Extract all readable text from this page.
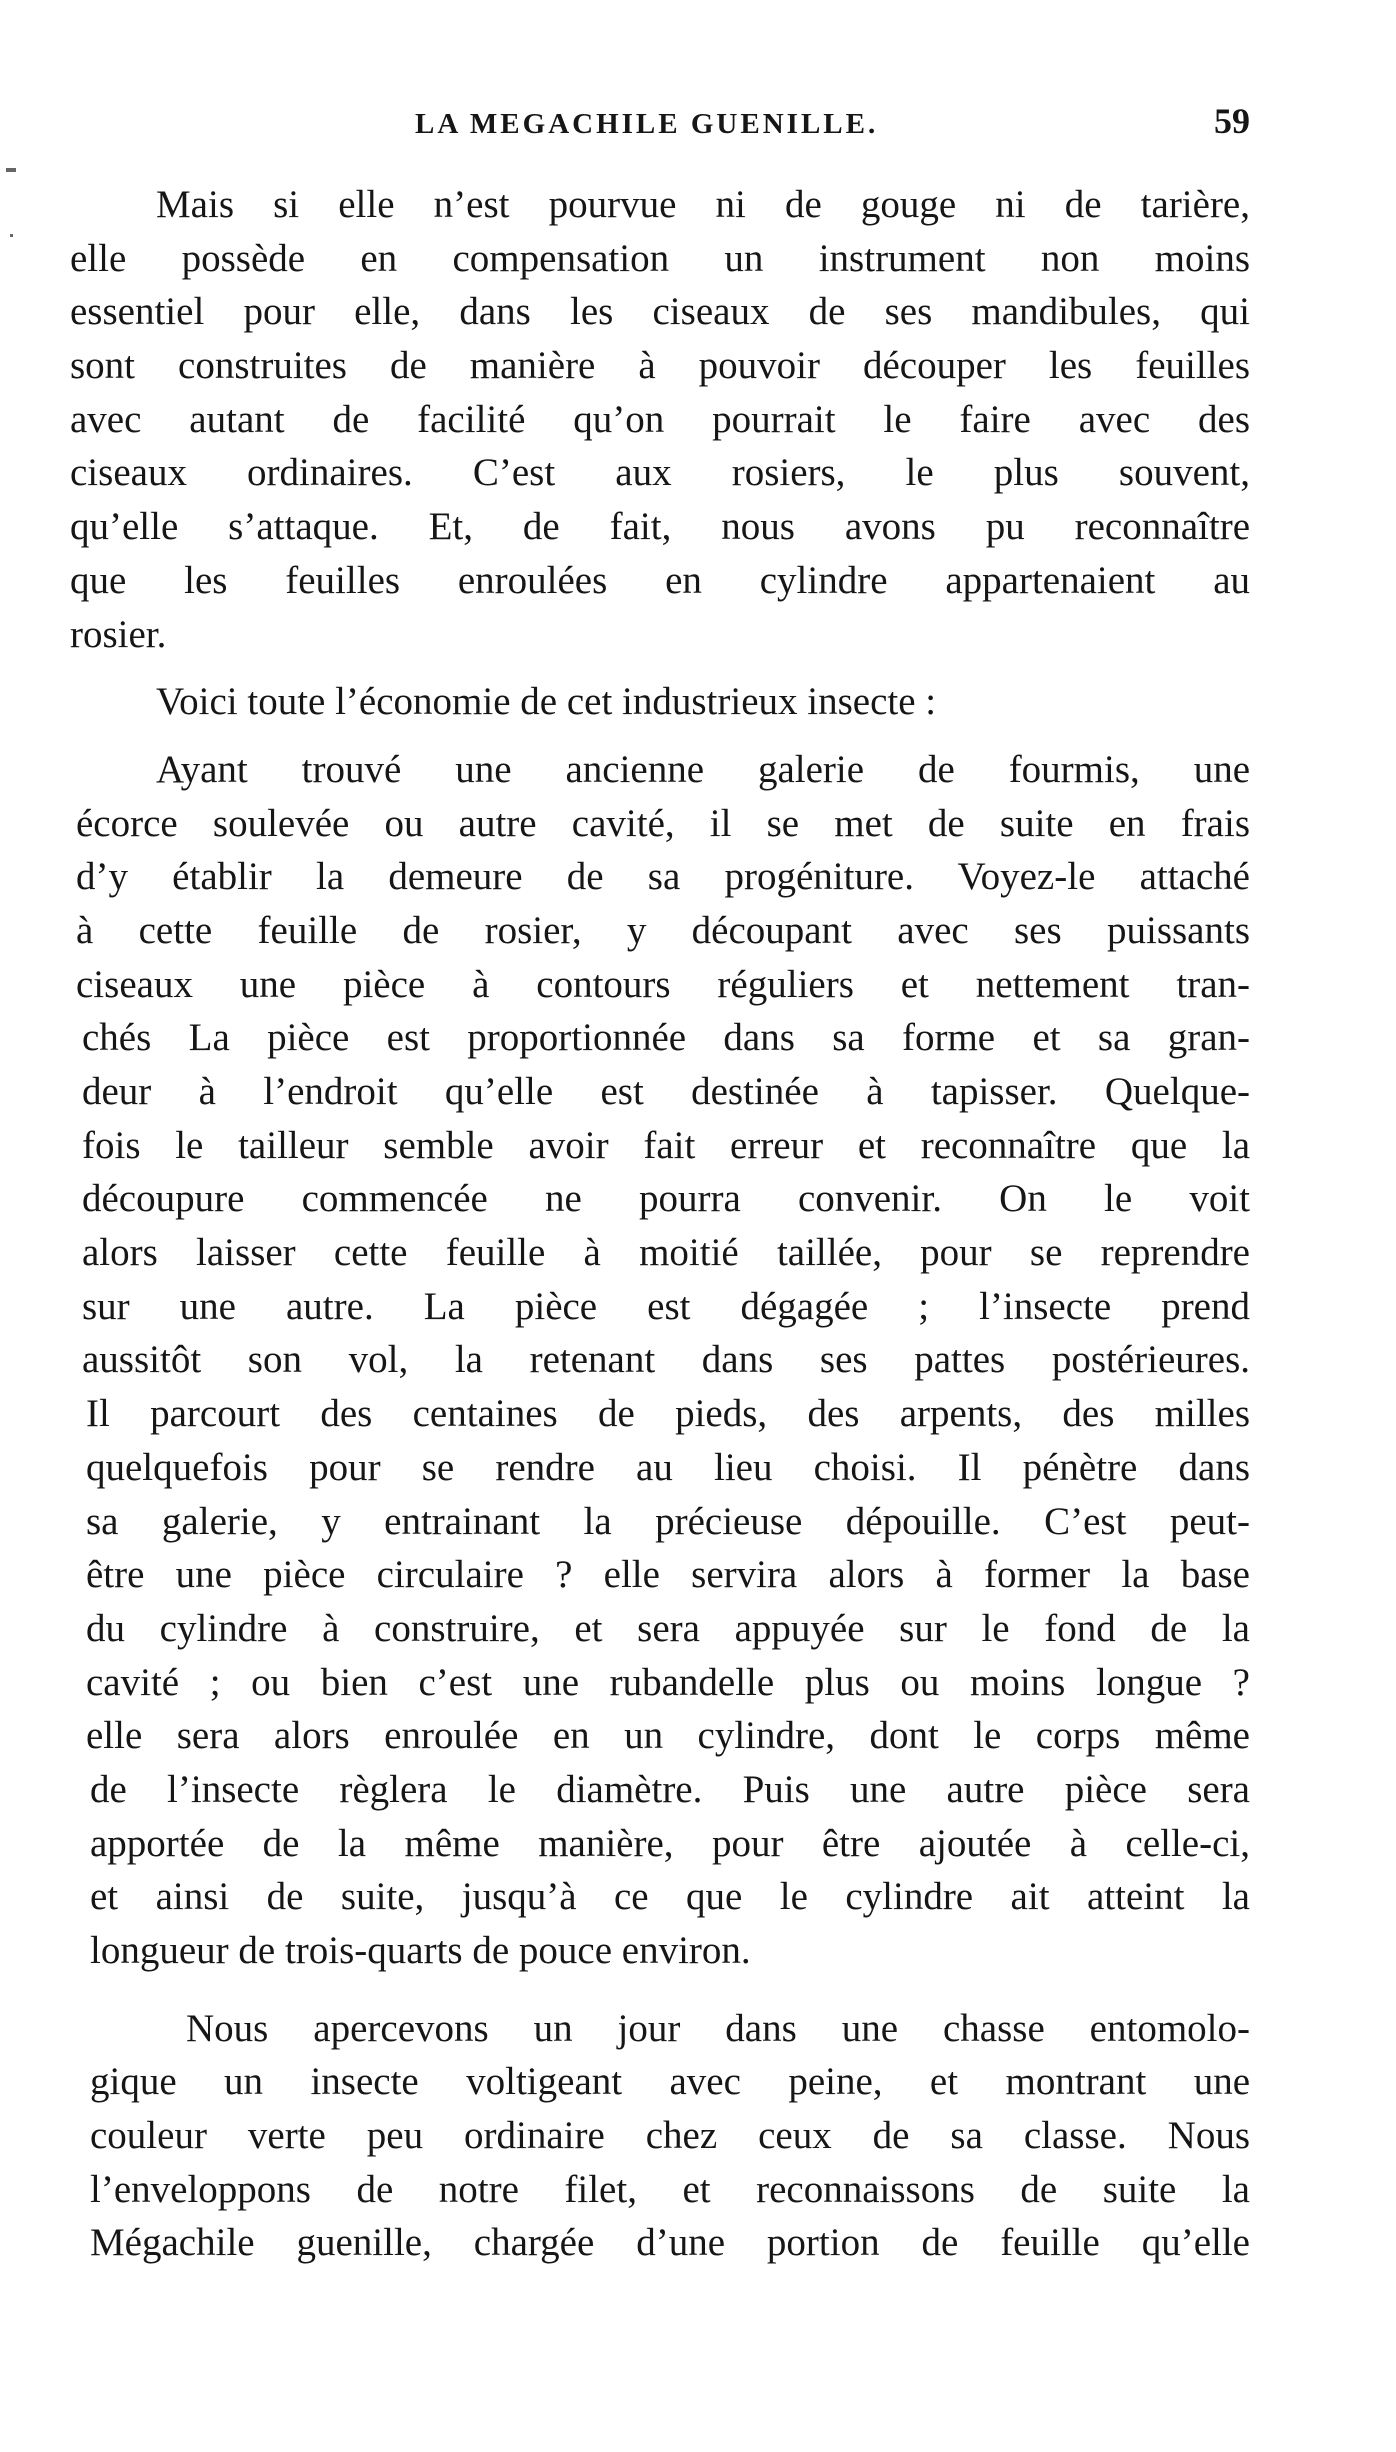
LA MEGACHILE GUENILLE.	59
Mais si elle n’est pourvue ni de gouge ni de tarière,
elle possède en compensation un instrument non moins
essentiel pour elle, dans les ciseaux de ses mandibules, qui
sont construites de manière à pouvoir découper les feuilles
avec autant de facilité qu’on pourrait le faire avec des
ciseaux ordinaires. C’est aux rosiers, le plus souvent,
qu’elle s’attaque. Et, de fait, nous avons pu reconnaître
que les feuilles enroulées en cylindre appartenaient au
rosier.
Voici toute l’économie de cet industrieux insecte :
Ayant trouvé une ancienne galerie de fourmis, une
écorce soulevée ou autre cavité, il se met de suite en frais
d’y établir la demeure de sa progéniture. Voyez-le attaché
à cette feuille de rosier, y découpant avec ses puissants
ciseaux une pièce à contours réguliers et nettement tran-
chés La pièce est proportionnée dans sa forme et sa gran-
deur à l’endroit qu’elle est destinée à tapisser. Quelque-
fois le tailleur semble avoir fait erreur et reconnaître que la
découpure commencée ne pourra convenir. On le voit
alors laisser cette feuille à moitié taillée, pour se reprendre
sur une autre. La pièce est dégagée ; l’insecte prend
aussitôt son vol, la retenant dans ses pattes postérieures.
Il parcourt des centaines de pieds, des arpents, des milles
quelquefois pour se rendre au lieu choisi. Il pénètre dans
sa galerie, y entrainant la précieuse dépouille. C’est peut-
être une pièce circulaire ? elle servira alors à former la base
du cylindre à construire, et sera appuyée sur le fond de la
cavité ; ou bien c’est une rubandelle plus ou moins longue ?
elle sera alors enroulée en un cylindre, dont le corps même
de l’insecte règlera le diamètre. Puis une autre pièce sera
apportée de la même manière, pour être ajoutée à celle-ci,
et ainsi de suite, jusqu’à ce que le cylindre ait atteint la
longueur de trois-quarts de pouce environ.
Nous apercevons un jour dans une chasse entomolo-
gique un insecte voltigeant avec peine, et montrant une
couleur verte peu ordinaire chez ceux de sa classe. Nous
l’enveloppons de notre filet, et reconnaissons de suite la
Mégachile guenille, chargée d’une portion de feuille qu’elle
